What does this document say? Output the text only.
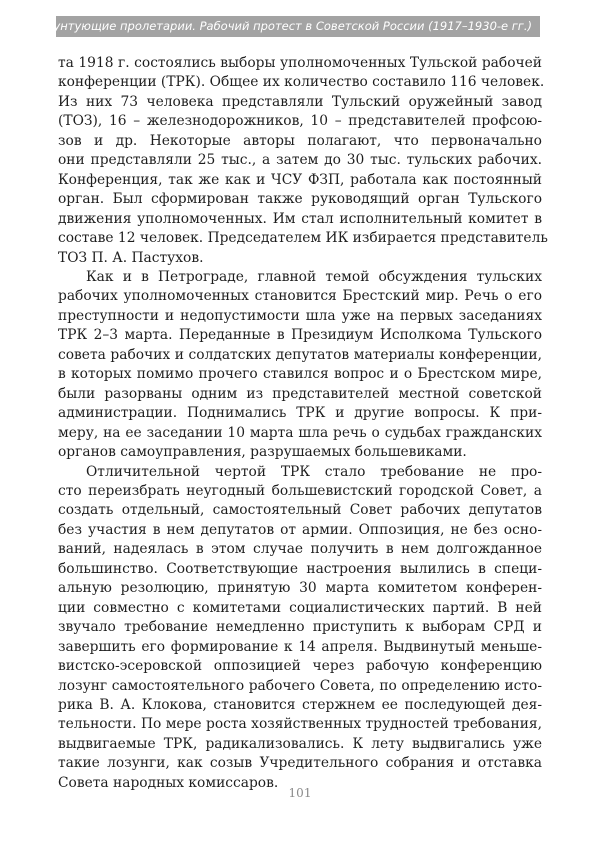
Бунтующие пролетарии. Рабочий протест в Советской России (1917–1930-е гг.)
та 1918 г. состоялись выборы уполномоченных Тульской рабочей
конференции (ТРК). Общее их количество составило 116 человек.
Из них 73 человека представляли Тульский оружейный завод
(ТОЗ), 16 – железнодорожников, 10 – представителей профсою-
зов и др. Некоторые авторы полагают, что первоначально
они представляли 25 тыс., а затем до 30 тыс. тульских рабочих.
Конференция, так же как и ЧСУ ФЗП, работала как постоянный
орган. Был сформирован также руководящий орган Тульского
движения уполномоченных. Им стал исполнительный комитет в
составе 12 человек. Председателем ИК избирается представитель
ТОЗ П. А. Пастухов.
Как и в Петрограде, главной темой обсуждения тульских
рабочих уполномоченных становится Брестский мир. Речь о его
преступности и недопустимости шла уже на первых заседаниях
ТРК 2–3 марта. Переданные в Президиум Исполкома Тульского
совета рабочих и солдатских депутатов материалы конференции,
в которых помимо прочего ставился вопрос и о Брестском мире,
были разорваны одним из представителей местной советской
администрации. Поднимались ТРК и другие вопросы. К при-
меру, на ее заседании 10 марта шла речь о судьбах гражданских
органов самоуправления, разрушаемых большевиками.
Отличительной чертой ТРК стало требование не про-
сто переизбрать неугодный большевистский городской Совет, а
создать отдельный, самостоятельный Совет рабочих депутатов
без участия в нем депутатов от армии. Оппозиция, не без осно-
ваний, надеялась в этом случае получить в нем долгожданное
большинство. Соответствующие настроения вылились в специ-
альную резолюцию, принятую 30 марта комитетом конферен-
ции совместно с комитетами социалистических партий. В ней
звучало требование немедленно приступить к выборам СРД и
завершить его формирование к 14 апреля. Выдвинутый меньше-
вистско-эсеровской оппозицией через рабочую конференцию
лозунг самостоятельного рабочего Совета, по определению исто-
рика В. А. Клокова, становится стержнем ее последующей дея-
тельности. По мере роста хозяйственных трудностей требования,
выдвигаемые ТРК, радикализовались. К лету выдвигались уже
такие лозунги, как созыв Учредительного собрания и отставка
Совета народных комиссаров.
101
